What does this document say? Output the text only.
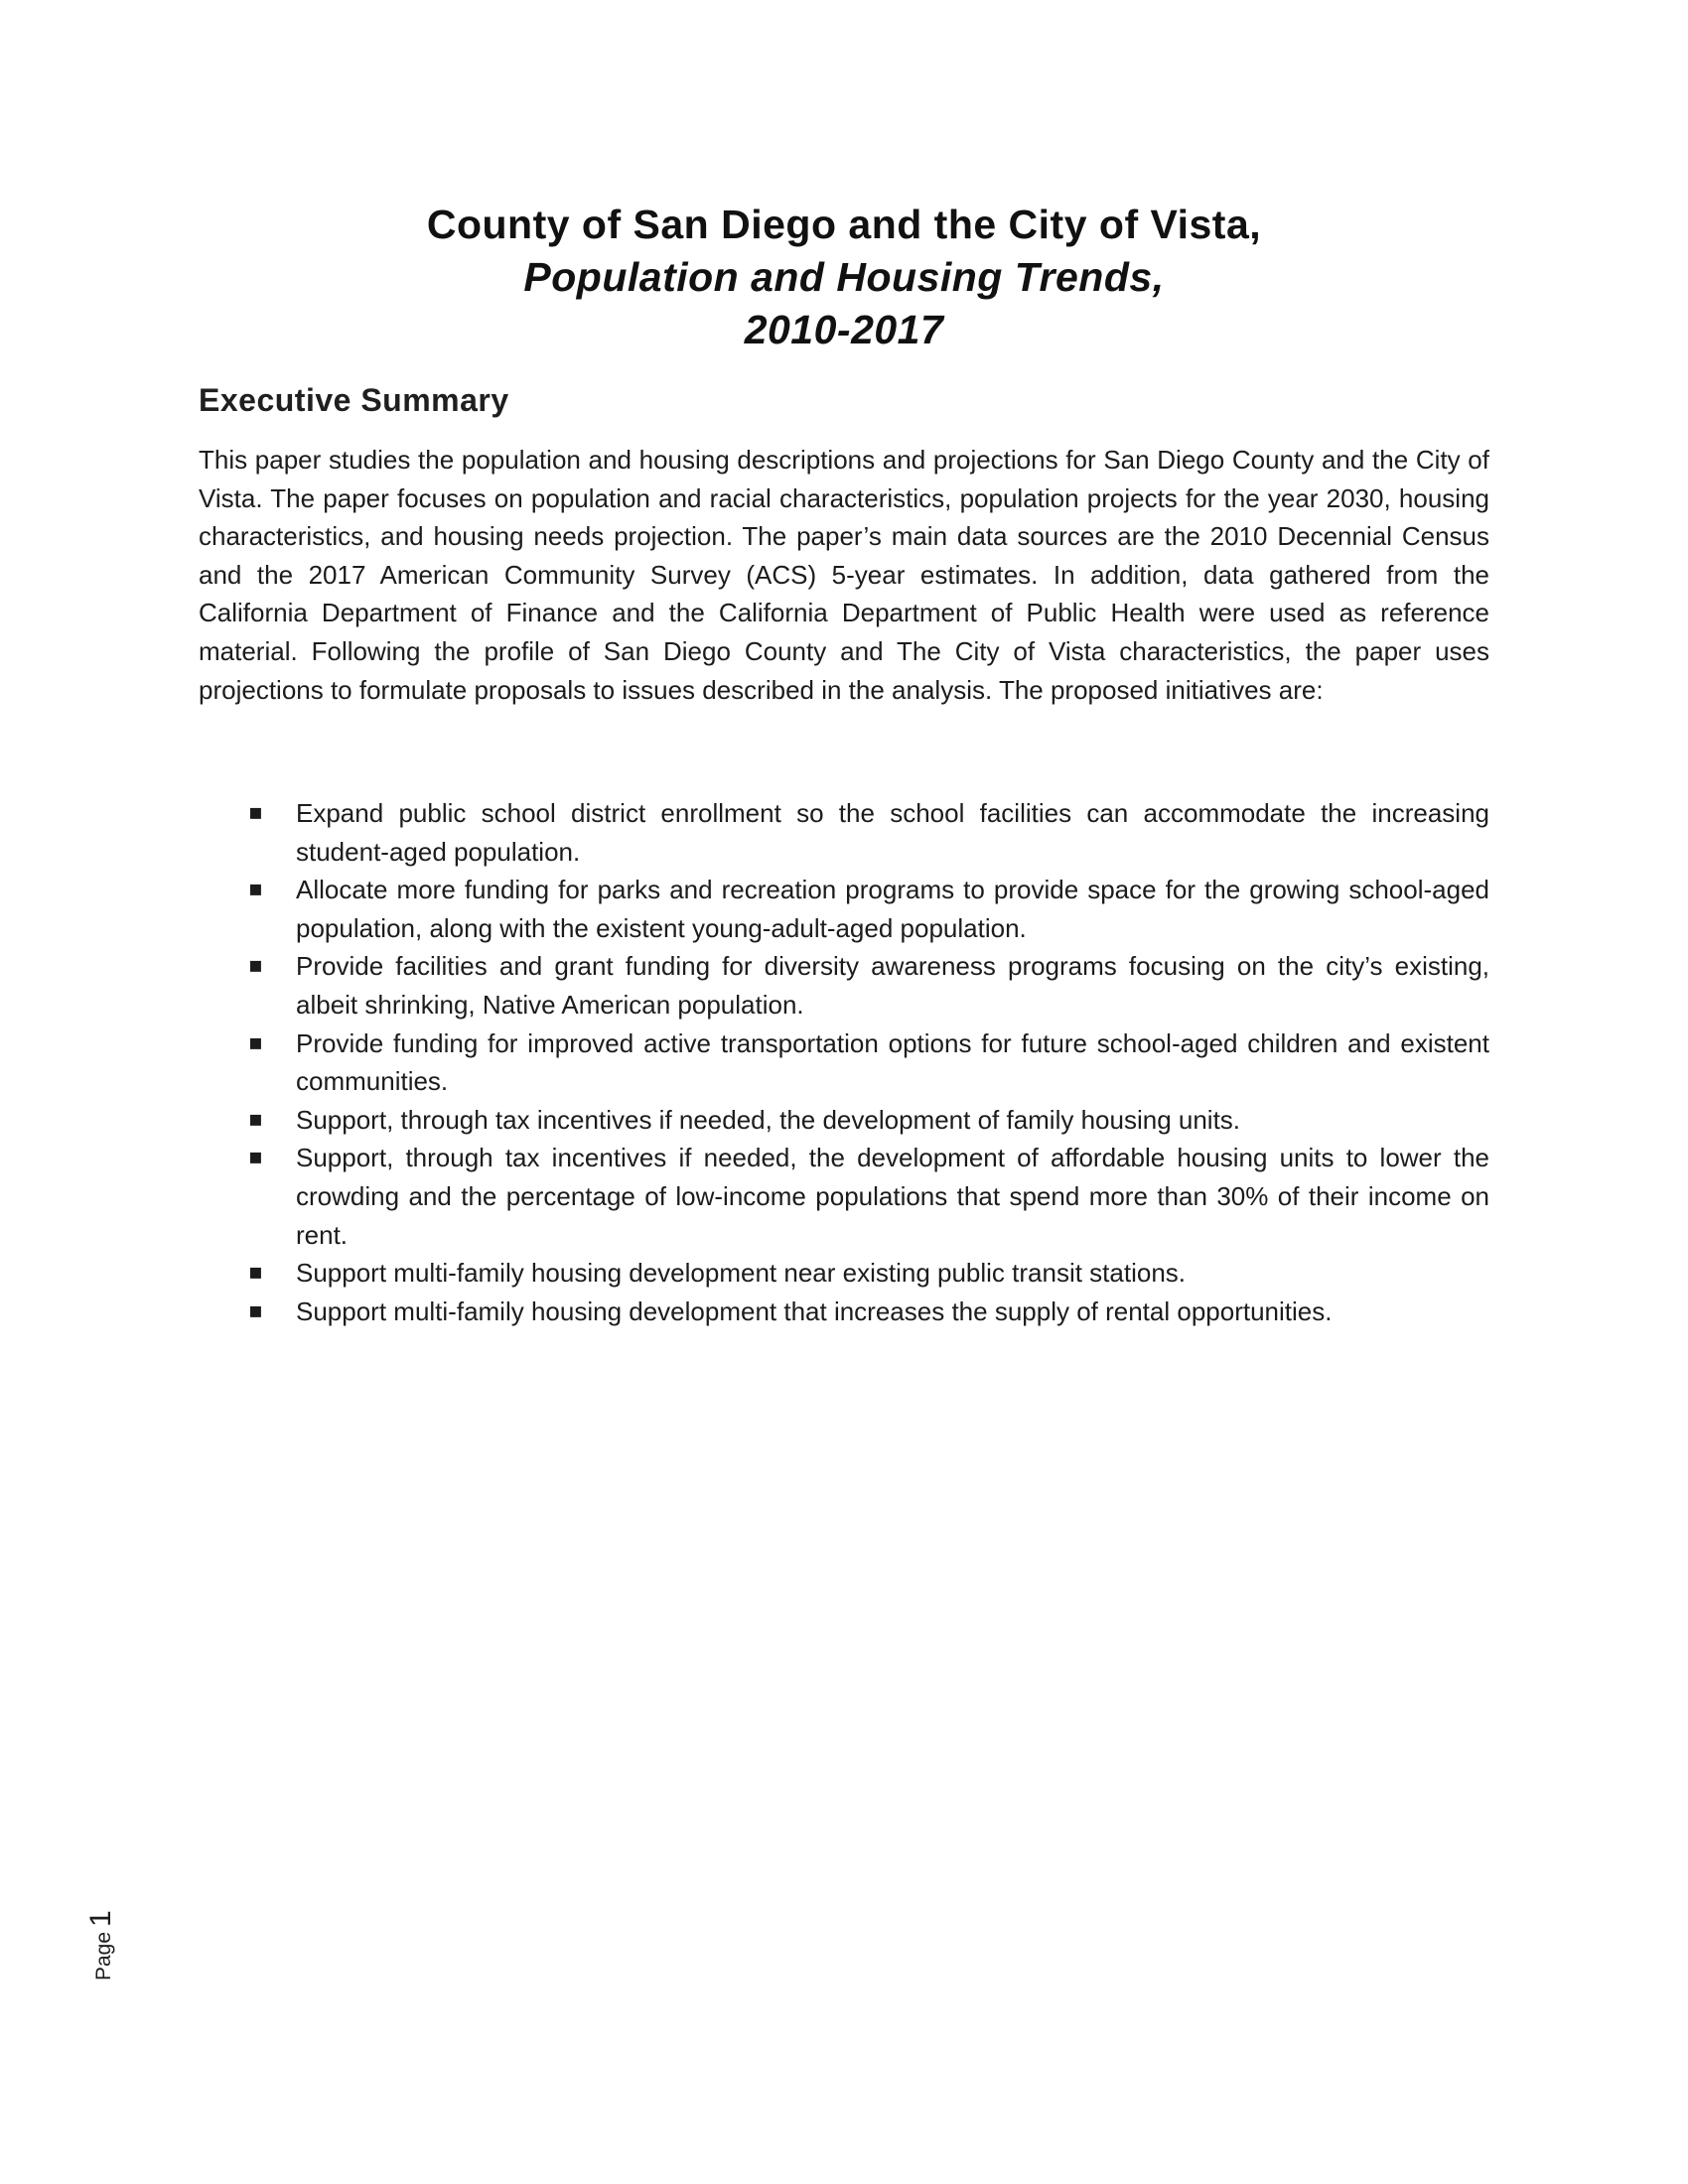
County of San Diego and the City of Vista,
Population and Housing Trends,
2010-2017
Executive Summary
This paper studies the population and housing descriptions and projections for San Diego County and the City of Vista. The paper focuses on population and racial characteristics, population projects for the year 2030, housing characteristics, and housing needs projection. The paper’s main data sources are the 2010 Decennial Census and the 2017 American Community Survey (ACS) 5-year estimates. In addition, data gathered from the California Department of Finance and the California Department of Public Health were used as reference material. Following the profile of San Diego County and The City of Vista characteristics, the paper uses projections to formulate proposals to issues described in the analysis. The proposed initiatives are:
▪ Expand public school district enrollment so the school facilities can accommodate the increasing student-aged population.
▪ Allocate more funding for parks and recreation programs to provide space for the growing school-aged population, along with the existent young-adult-aged population.
▪ Provide facilities and grant funding for diversity awareness programs focusing on the city’s existing, albeit shrinking, Native American population.
▪ Provide funding for improved active transportation options for future school-aged children and existent communities.
▪ Support, through tax incentives if needed, the development of family housing units.
▪ Support, through tax incentives if needed, the development of affordable housing units to lower the crowding and the percentage of low-income populations that spend more than 30% of their income on rent.
▪ Support multi-family housing development near existing public transit stations.
▪ Support multi-family housing development that increases the supply of rental opportunities.
Page1
